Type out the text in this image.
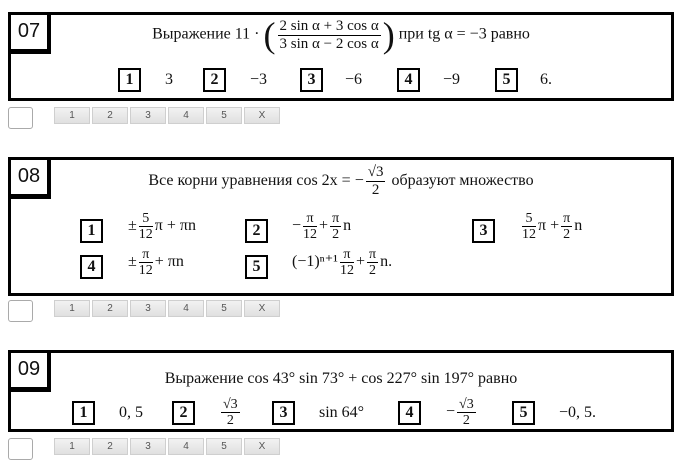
07	Выражение 11 · ( $\frac{\text{2 sin α + 3 cos α}}{\text{3 sin α − 2 cos α}}$ ) при tg α = −3 равно
1	3	2	−3	3	−6	4	−9	5	6.
1	2	3	4	5	X
08	Все корни уравнения cos 2x = − $\frac{√3}{2}$ образуют множество
1	± $\frac{5}{12}$ π + πn	2	− $\frac{\pi}{12} + \frac{\pi}{2}$ n	3	$\frac{5}{12}$ $\pi + \frac{\pi}{2}$ n
4	± $\frac{\pi}{12} + \pi n$	5	$(-1)^{n+1} \frac{\pi}{12} + \frac{\pi}{2} n$.
1	2	3	4	5	X
09	Выражение cos 43° sin 73° + cos 227° sin 197° равно
1	0, 5	2	$\frac{√3}{2}$	3	sin 64°	4	− $\frac{√3}{2}$	5	−0, 5.
1	2	3	4	5	X
